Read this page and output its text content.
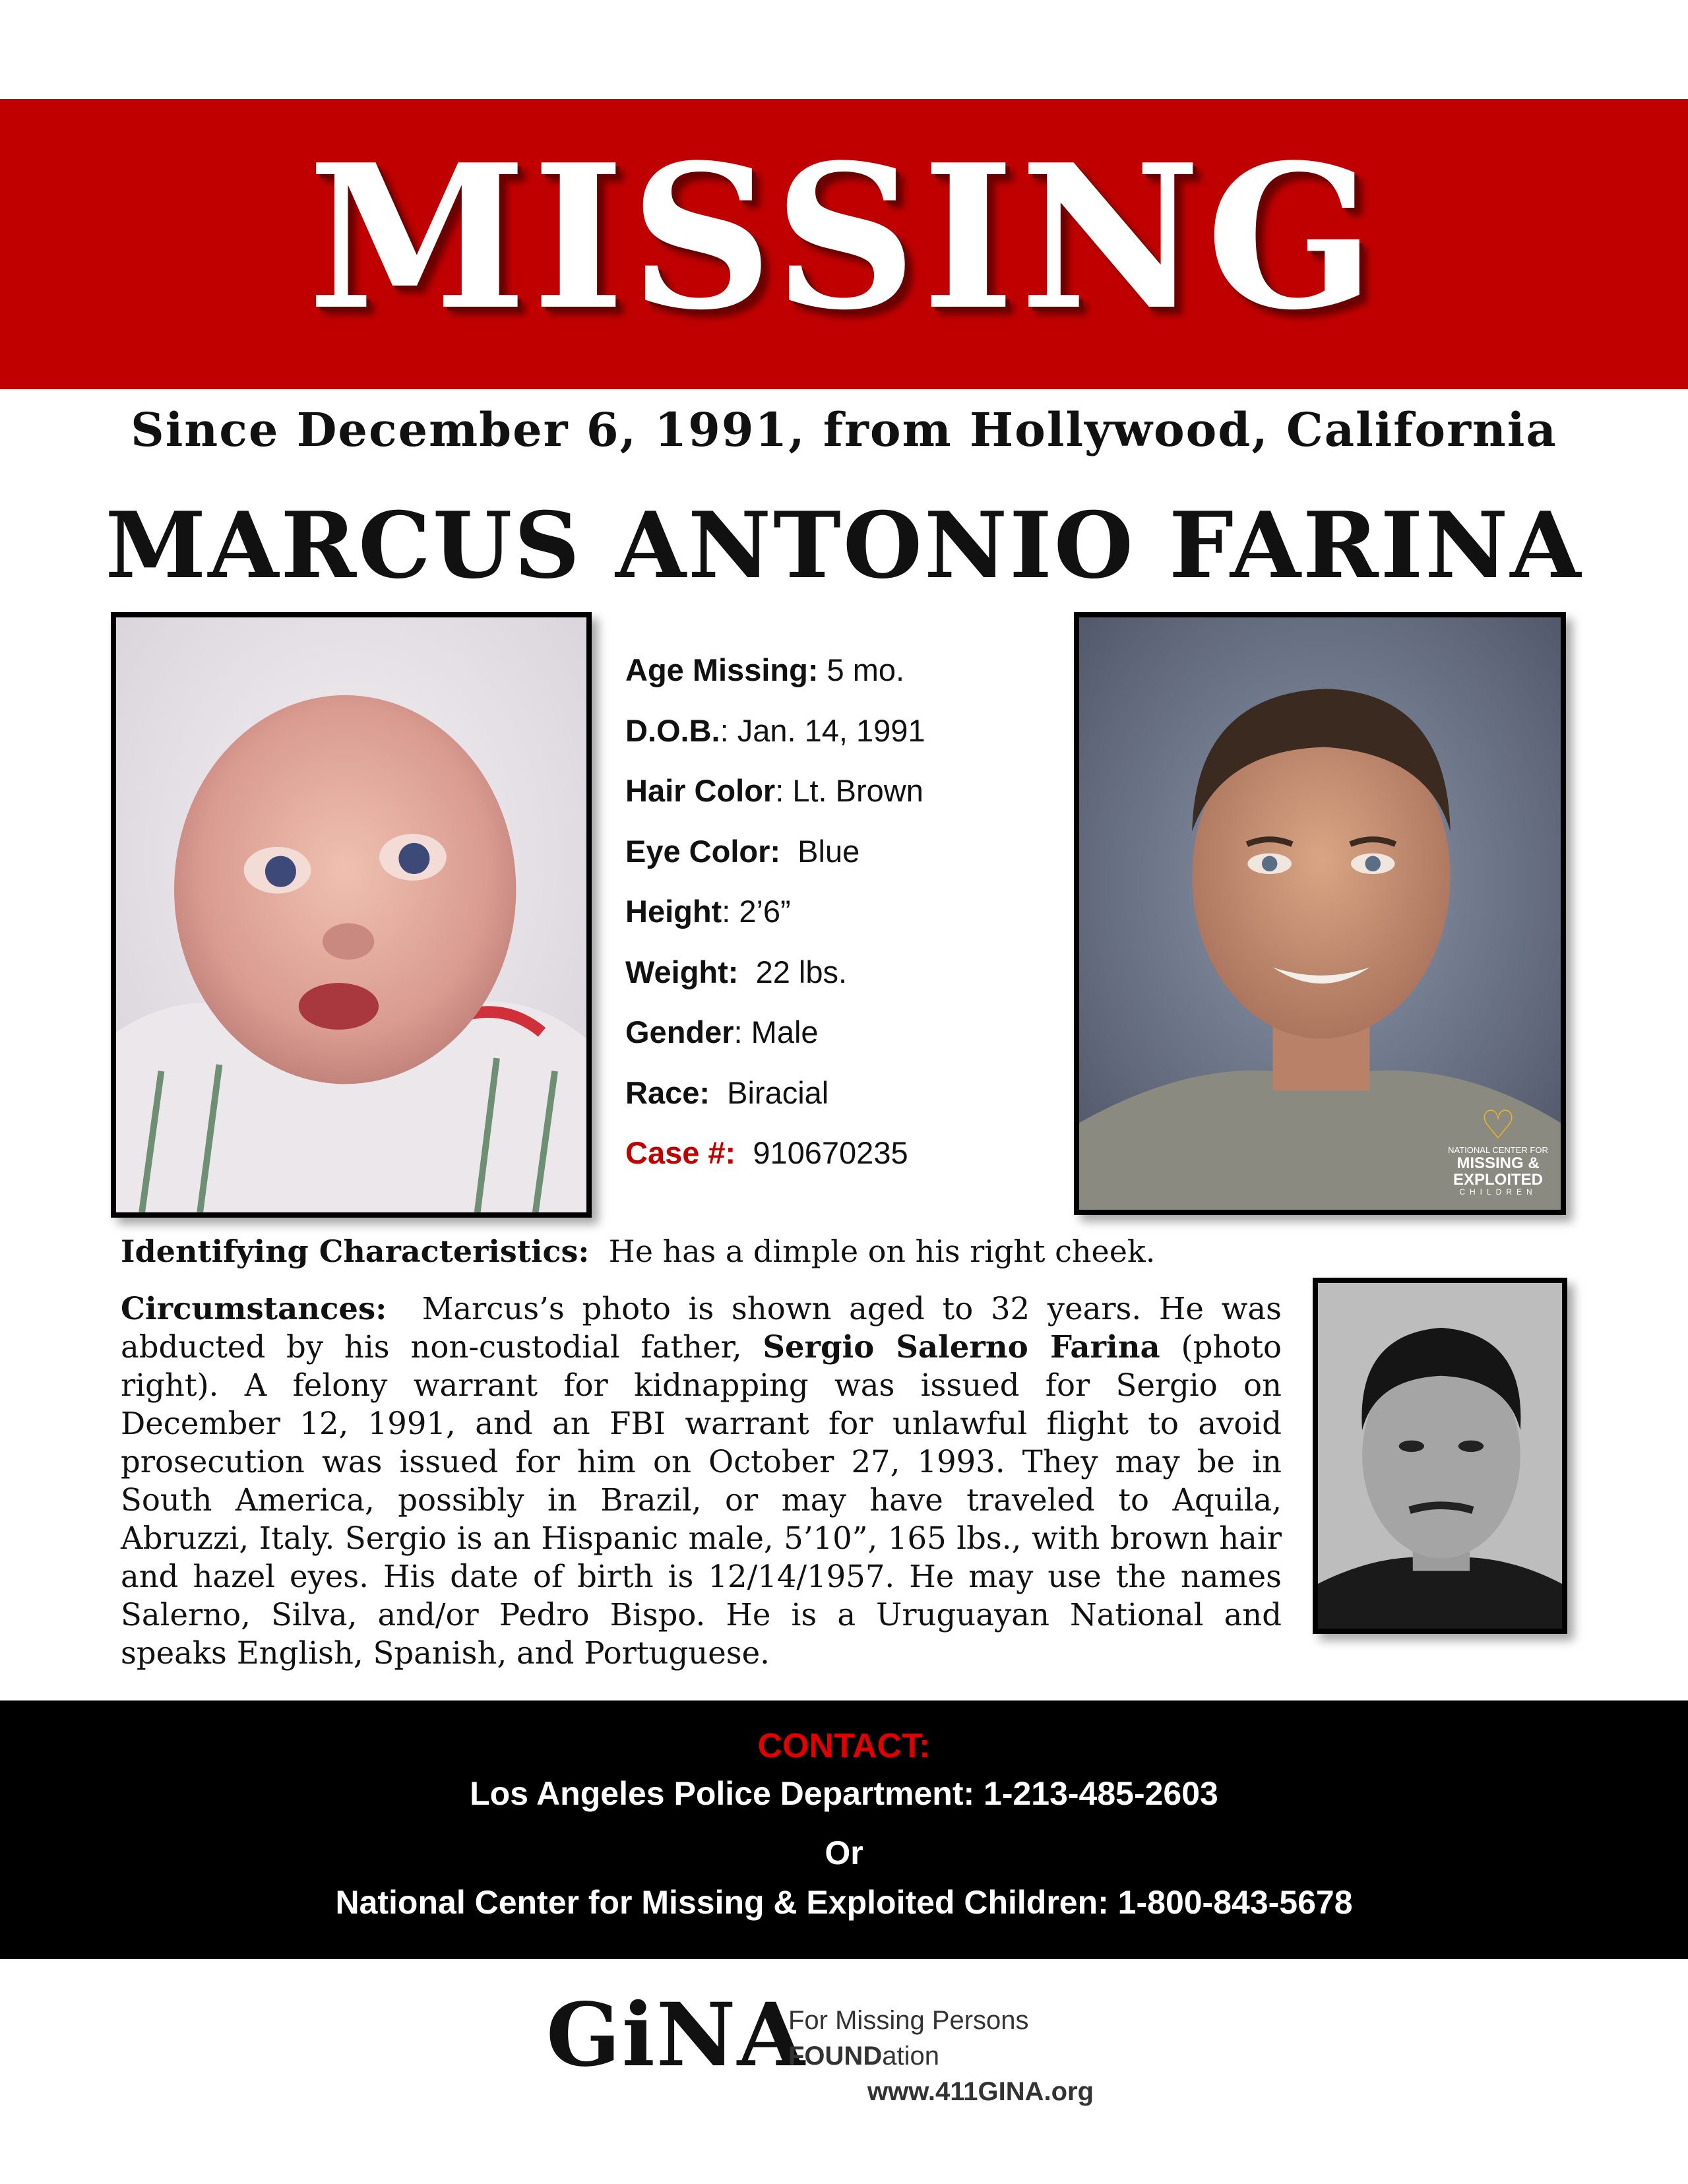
MISSING
Since December 6, 1991, from Hollywood, California
MARCUS ANTONIO FARINA
Age Missing: 5 mo.
D.O.B.: Jan. 14, 1991
Hair Color: Lt. Brown
Eye Color: Blue
Height: 2’6”
Weight: 22 lbs.
Gender: Male
Race: Biracial
Case #: 910670235
♡
NATIONAL CENTER FOR
MISSING &
EXPLOITED
CHILDREN
Identifying Characteristics: He has a dimple on his right cheek.
Circumstances: Marcus’s photo is shown aged to 32 years. He was abducted by his non-custodial father, Sergio Salerno Farina (photo right). A felony warrant for kidnapping was issued for Sergio on December 12, 1991, and an FBI warrant for unlawful flight to avoid prosecution was issued for him on October 27, 1993. They may be in South America, possibly in Brazil, or may have traveled to Aquila, Abruzzi, Italy. Sergio is an Hispanic male, 5’10”, 165 lbs., with brown hair and hazel eyes. His date of birth is 12/14/1957. He may use the names Salerno, Silva, and/or Pedro Bispo. He is a Uruguayan National and speaks English, Spanish, and Portuguese.
CONTACT:
Los Angeles Police Department: 1-213-485-2603
Or
National Center for Missing & Exploited Children: 1-800-843-5678
GiNA
For Missing Persons FOUNDation
www.411GINA.org
